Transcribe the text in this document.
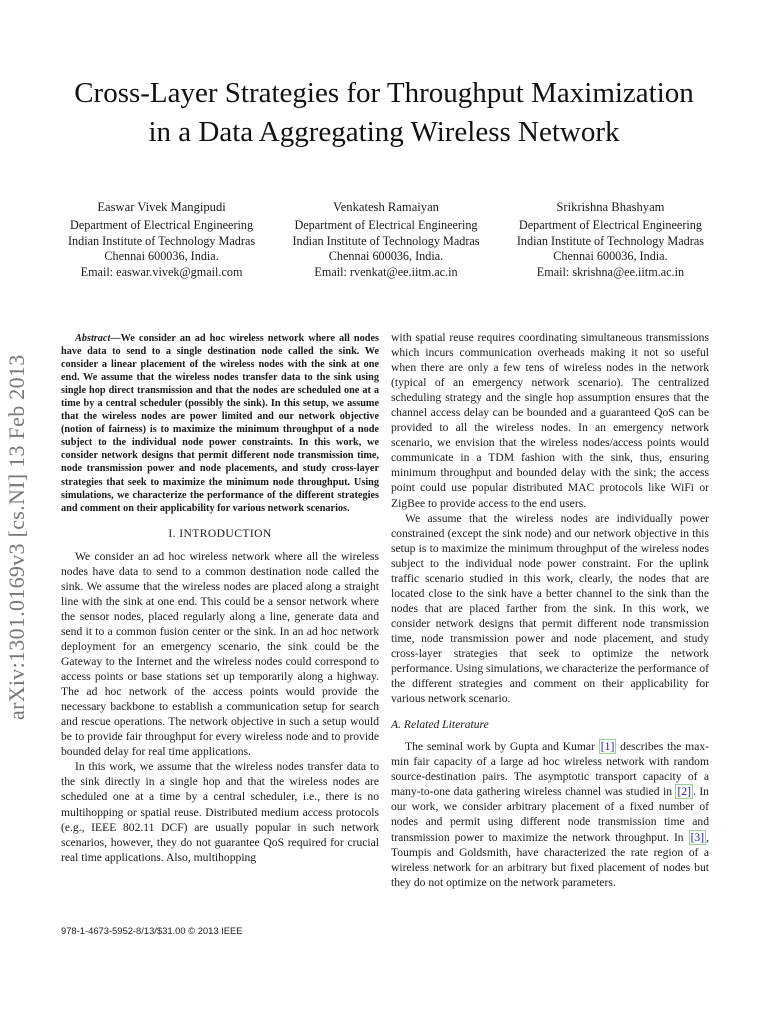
arXiv:1301.0169v3 [cs.NI] 13 Feb 2013
Cross-Layer Strategies for Throughput Maximization in a Data Aggregating Wireless Network
Easwar Vivek Mangipudi
Department of Electrical Engineering
Indian Institute of Technology Madras
Chennai 600036, India.
Email: easwar.vivek@gmail.com
Venkatesh Ramaiyan
Department of Electrical Engineering
Indian Institute of Technology Madras
Chennai 600036, India.
Email: rvenkat@ee.iitm.ac.in
Srikrishna Bhashyam
Department of Electrical Engineering
Indian Institute of Technology Madras
Chennai 600036, India.
Email: skrishna@ee.iitm.ac.in

Abstract—We consider an ad hoc wireless network where all nodes have data to send to a single destination node called the sink. We consider a linear placement of the wireless nodes with the sink at one end. We assume that the wireless nodes transfer data to the sink using single hop direct transmission and that the nodes are scheduled one at a time by a central scheduler (possibly the sink). In this setup, we assume that the wireless nodes are power limited and our network objective (notion of fairness) is to maximize the minimum throughput of a node subject to the individual node power constraints. In this work, we consider network designs that permit different node transmission time, node transmission power and node placements, and study cross-layer strategies that seek to maximize the minimum node throughput. Using simulations, we characterize the performance of the different strategies and comment on their applicability for various network scenarios.

I. INTRODUCTION

We consider an ad hoc wireless network where all the wireless nodes have data to send to a common destination node called the sink. We assume that the wireless nodes are placed along a straight line with the sink at one end. This could be a sensor network where the sensor nodes, placed regularly along a line, generate data and send it to a common fusion center or the sink. In an ad hoc network deployment for an emergency scenario, the sink could be the Gateway to the Internet and the wireless nodes could correspond to access points or base stations set up temporarily along a highway. The ad hoc network of the access points would provide the necessary backbone to establish a communication setup for search and rescue operations. The network objective in such a setup would be to provide fair throughput for every wireless node and to provide bounded delay for real time applications.

In this work, we assume that the wireless nodes transfer data to the sink directly in a single hop and that the wireless nodes are scheduled one at a time by a central scheduler, i.e., there is no multihopping or spatial reuse. Distributed medium access protocols (e.g., IEEE 802.11 DCF) are usually popular in such network scenarios, however, they do not guarantee QoS required for crucial real time applications. Also, multihopping

with spatial reuse requires coordinating simultaneous transmissions which incurs communication overheads making it not so useful when there are only a few tens of wireless nodes in the network (typical of an emergency network scenario). The centralized scheduling strategy and the single hop assumption ensures that the channel access delay can be bounded and a guaranteed QoS can be provided to all the wireless nodes. In an emergency network scenario, we envision that the wireless nodes/access points would communicate in a TDM fashion with the sink, thus, ensuring minimum throughput and bounded delay with the sink; the access point could use popular distributed MAC protocols like WiFi or ZigBee to provide access to the end users.

We assume that the wireless nodes are individually power constrained (except the sink node) and our network objective in this setup is to maximize the minimum throughput of the wireless nodes subject to the individual node power constraint. For the uplink traffic scenario studied in this work, clearly, the nodes that are located close to the sink have a better channel to the sink than the nodes that are placed farther from the sink. In this work, we consider network designs that permit different node transmission time, node transmission power and node placement, and study cross-layer strategies that seek to optimize the network performance. Using simulations, we characterize the performance of the different strategies and comment on their applicability for various network scenario.

A. Related Literature

The seminal work by Gupta and Kumar [1] describes the max-min fair capacity of a large ad hoc wireless network with random source-destination pairs. The asymptotic transport capacity of a many-to-one data gathering wireless channel was studied in [2] . In our work, we consider arbitrary placement of a fixed number of nodes and permit using different node transmission time and transmission power to maximize the network throughput. In [3] , Toumpis and Goldsmith, have characterized the rate region of a wireless network for an arbitrary but fixed placement of nodes but they do not optimize on the network parameters.

978-1-4673-5952-8/13/$31.00 © 2013 IEEE
